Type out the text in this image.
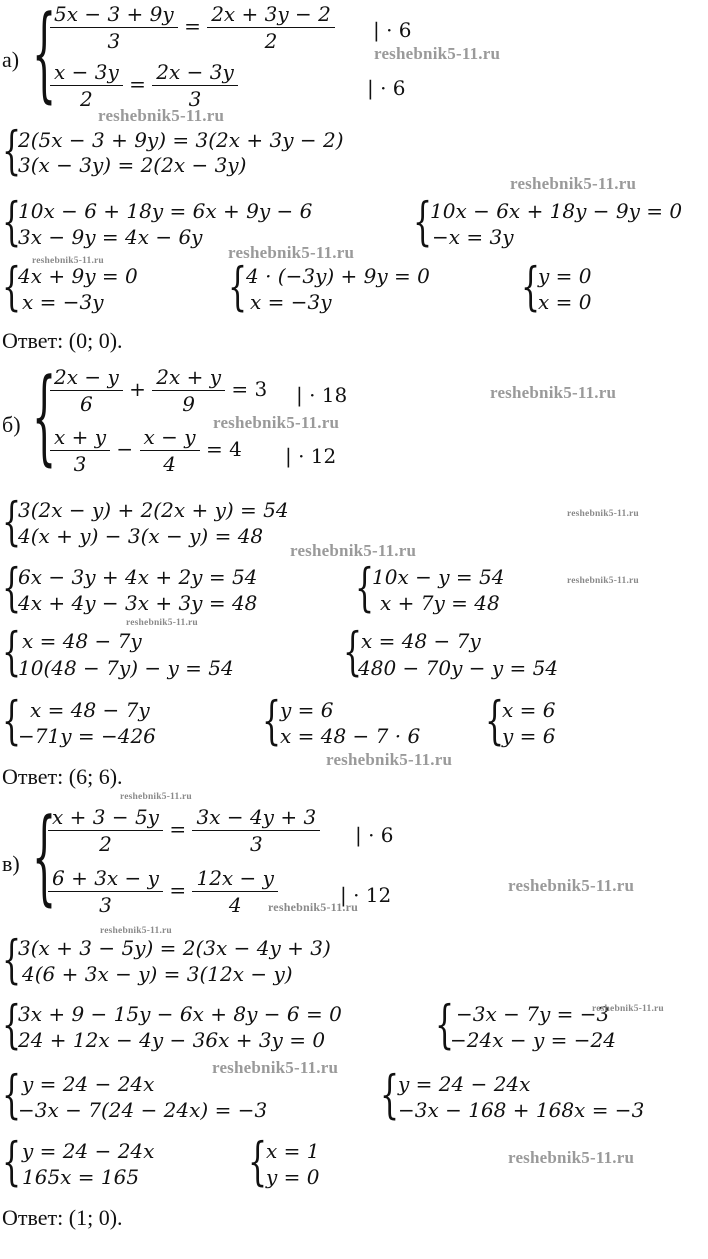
а) {
$\frac{5x - 3 + 9y}{3} = \frac{2x + 3y - 2}{2}$ | · 6
$\frac{x - 3y}{2} = \frac{2x - 3y}{3}$	| · 6
{
2(5x − 3 + 9y) = 3(2x + 3y − 2)
3(x − 3y) = 2(2x − 3y)
{
10x − 6 + 18y = 6x + 9y − 6
3x − 9y = 4x − 6y	{
10x − 6x + 18y − 9y = 0
−x = 3y
{
4x + 9y = 0
x = −3y	{
4 · (−3y) + 9y = 0
x = −3y	{
y = 0
x = 0
Ответ: (0; 0).
б) {
$\frac{2x - y}{6} + \frac{2x + y}{9} = 3$ | · 18
$\frac{x + y}{3} - \frac{x - y}{4} = 4$ | · 12
{
3(2x − y) + 2(2x + y) = 54
4(x + y) − 3(x − y) = 48
{
6x − 3y + 4x + 2y = 54
4x + 4y − 3x + 3y = 48	{
10x − y = 54
x + 7y = 48
{ x = 48 − 7y
10(48 − 7y) − y = 54	{
x = 48 − 7y
480 − 70y − y = 54
{ x = 48 − 7y
−71y = −426	{
y = 6
x = 48 − 7 · 6 {
x = 6
y = 6
Ответ: (6; 6).
в) {
$\frac{x + 3 - 5y}{2} = \frac{3x - 4y + 3}{3}$ | · 6
$\frac{6 + 3x - y}{3} = \frac{12x - y}{4}$	| · 12
{
3(x + 3 − 5y) = 2(3x − 4y + 3)
4(6 + 3x − y) = 3(12x − y)
{
3x + 9 − 15y − 6x + 8y − 6 = 0
24 + 12x − 4y − 36x + 3y = 0	{ −3x − 7y = −3
−24x − y = −24
{ y = 24 − 24x
−3x − 7(24 − 24x) = −3	{
y = 24 − 24x
−3x − 168 + 168x = −3
{ y = 24 − 24x
165x = 165	{
x = 1
y = 0
Ответ: (1; 0).
reshebnik5-11.ru
reshebnik5-11.ru
reshebnik5-11.ru
reshebnik5-11.ru
reshebnik5-11.ru
reshebnik5-11.ru
reshebnik5-11.ru
reshebnik5-11.ru
reshebnik5-11.ru
reshebnik5-11.ru
reshebnik5-11.ru
reshebnik5-11.ru
reshebnik5-11.ru
reshebnik5-11.ru
reshebnik5-11.ru
reshebnik5-11.ru
reshebnik5-11.ru
reshebnik5-11.ru
reshebnik5-11.ru
